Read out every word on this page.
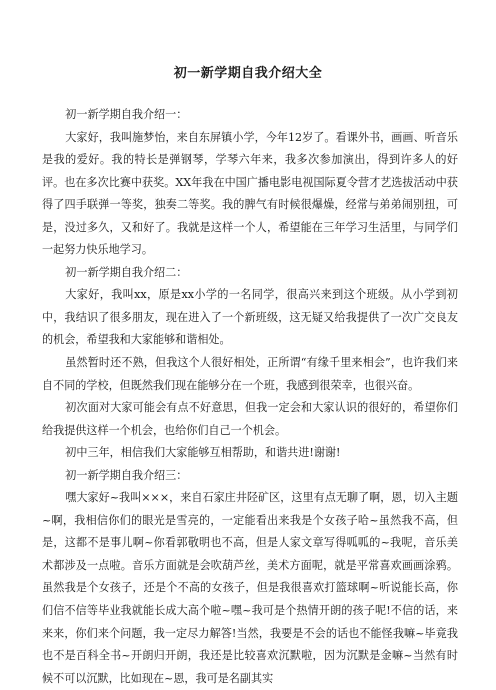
初一新学期自我介绍大全

初一新学期自我介绍一：

大家好，我叫施梦怡，来自东屏镇小学，今年12岁了。看课外书，画画、听音乐是我的爱好。我的特长是弹钢琴，学琴六年来，我多次参加演出，得到许多人的好评。也在多次比赛中获奖。XX年我在中国广播电影电视国际夏令营才艺选拔活动中获得了四手联弹一等奖，独奏二等奖。我的脾气有时候很爆燥，经常与弟弟闹别扭，可是，没过多久，又和好了。我就是这样一个人，希望能在三年学习生活里，与同学们一起努力快乐地学习。

初一新学期自我介绍二：

大家好，我叫xx，原是xx小学的一名同学，很高兴来到这个班级。从小学到初中，我结识了很多朋友，现在进入了一个新班级，这无疑又给我提供了一次广交良友的机会，希望我和大家能够和谐相处。

虽然暂时还不熟，但我这个人很好相处，正所谓“有缘千里来相会”，也许我们来自不同的学校，但既然我们现在能够分在一个班，我感到很荣幸，也很兴奋。

初次面对大家可能会有点不好意思，但我一定会和大家认识的很好的，希望你们给我提供这样一个机会，也给你们自己一个机会。

初中三年，相信我们大家能够互相帮助，和谐共进!谢谢!

初一新学期自我介绍三：

嘿大家好~我叫×××，来自石家庄井陉矿区，这里有点无聊了啊，恩，切入主题~啊，我相信你们的眼光是雪亮的，一定能看出来我是个女孩子哈~虽然我不高，但是，这都不是事儿啊~你看郭敬明也不高，但是人家文章写得呱呱的~我呢，音乐美术都涉及一点啦。音乐方面就是会吹葫芦丝，美术方面呢，就是平常喜欢画画涂鸦。虽然我是个女孩子，还是个不高的女孩子，但是我很喜欢打篮球啊~听说能长高，你们信不信等毕业我就能长成大高个啦~嘿~我可是个热情开朗的孩子呢!不信的话，来来来，你们来个问题，我一定尽力解答!当然，我要是不会的话也不能怪我嘛~毕竟我也不是百科全书~开朗归开朗，我还是比较喜欢沉默啦，因为沉默是金嘛~当然有时候不可以沉默，比如现在~恩，我可是名副其实
